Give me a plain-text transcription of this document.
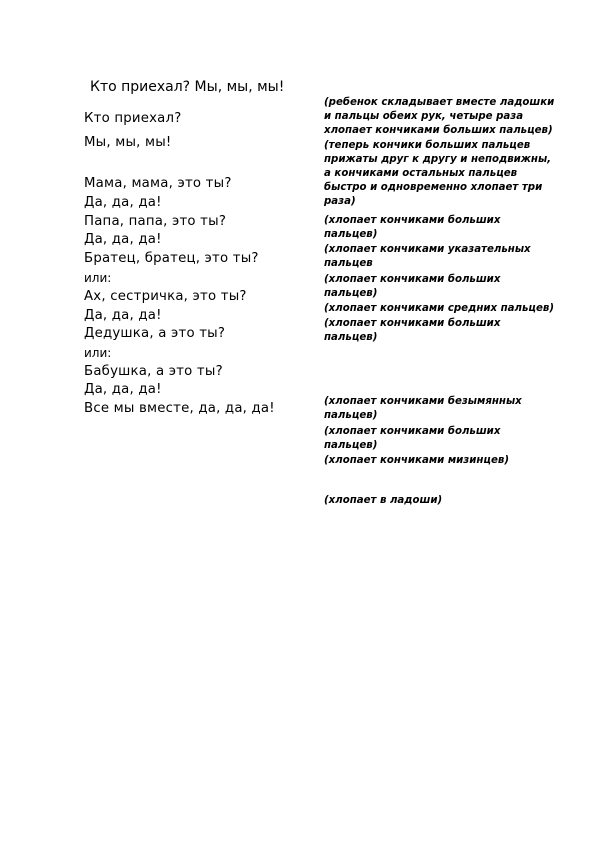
Кто приехал? Мы, мы, мы!
Кто приехал?
Мы, мы, мы!
Мама, мама, это ты?
Да, да, да!
Папа, папа, это ты?
Да, да, да!
Братец, братец, это ты?
или:
Ах, сестричка, это ты?
Да, да, да!
Дедушка, а это ты?
или:
Бабушка, а это ты?
Да, да, да!
Все мы вместе, да, да, да!
(ребенок складывает вместе ладошки
и пальцы обеих рук, четыре раза
хлопает кончиками больших пальцев)
(теперь кончики больших пальцев
прижаты друг к другу и неподвижны,
а кончиками остальных пальцев
быстро и одновременно хлопает три
раза)
(хлопает кончиками больших
пальцев)
(хлопает кончиками указательных
пальцев
(хлопает кончиками больших
пальцев)
(хлопает кончиками средних пальцев)
(хлопает кончиками больших
пальцев)
(хлопает кончиками безымянных
пальцев)
(хлопает кончиками больших
пальцев)
(хлопает кончиками мизинцев)
(хлопает в ладоши)
